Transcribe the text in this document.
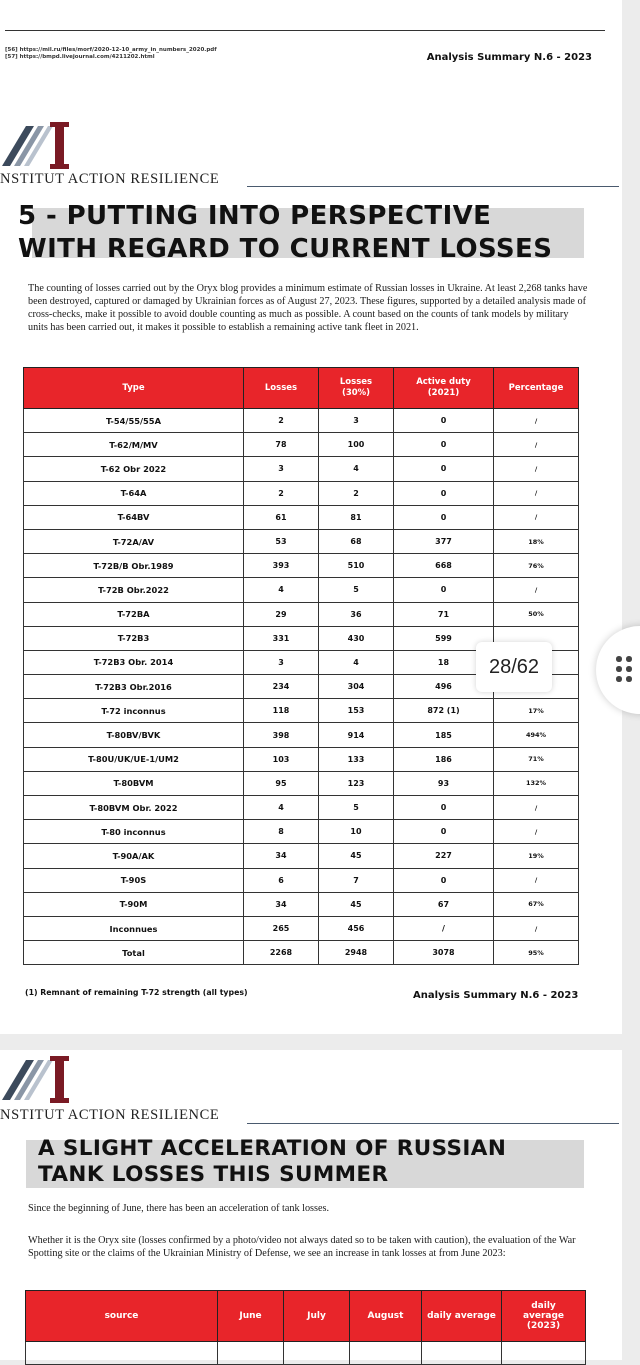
[56] https://mil.ru/files/morf/2020-12-10_army_in_numbers_2020.pdf
[57] https://bmpd.livejournal.com/4211202.html	Analysis Summary N.6 - 2023
NSTITUT ACTION RESILIENCE
5 - PUTTING INTO PERSPECTIVE
WITH REGARD TO CURRENT LOSSES
The counting of losses carried out by the Oryx blog provides a minimum estimate of Russian losses in Ukraine. At least 2,268 tanks have been destroyed, captured or damaged by Ukrainian forces as of August 27, 2023. These figures, supported by a detailed analysis made of cross-checks, make it possible to avoid double counting as much as possible. A count based on the counts of tank models by military units has been carried out, it makes it possible to establish a remaining active tank fleet in 2021.
Type	Losses	Losses (30%)	Active duty (2021)	Percentage
T-54/55/55A	2	3	0	/
T-62/M/MV	78	100	0	/
T-62 Obr 2022	3	4	0	/
T-64A	2	2	0	/
T-64BV	61	81	0	/
T-72A/AV	53	68	377	18%
T-72B/B Obr.1989	393	510	668	76%
T-72B Obr.2022	4	5	0	/
T-72BA	29	36	71	50%
T-72B3	331	430	599	
T-72B3 Obr. 2014	3	4	18	
T-72B3 Obr.2016	234	304	496	
T-72 inconnus	118	153	872 (1)	17%
T-80BV/BVK	398	914	185	494%
T-80U/UK/UE-1/UM2	103	133	186	71%
T-80BVM	95	123	93	132%
T-80BVM Obr. 2022	4	5	0	/
T-80 inconnus	8	10	0	/
T-90A/AK	34	45	227	19%
T-90S	6	7	0	/
T-90M	34	45	67	67%
Inconnues	265	456	/	/
Total	2268	2948	3078	95%
(1) Remnant of remaining T-72 strength (all types)	Analysis Summary N.6 - 2023
NSTITUT ACTION RESILIENCE
A SLIGHT ACCELERATION OF RUSSIAN
TANK LOSSES THIS SUMMER
Since the beginning of June, there has been an acceleration of tank losses.
Whether it is the Oryx site (losses confirmed by a photo/video not always dated so to be taken with caution), the evaluation of the War Spotting site or the claims of the Ukrainian Ministry of Defense, we see an increase in tank losses at from June 2023:
source	June	July	August	daily average	daily average (2023)

28/62
